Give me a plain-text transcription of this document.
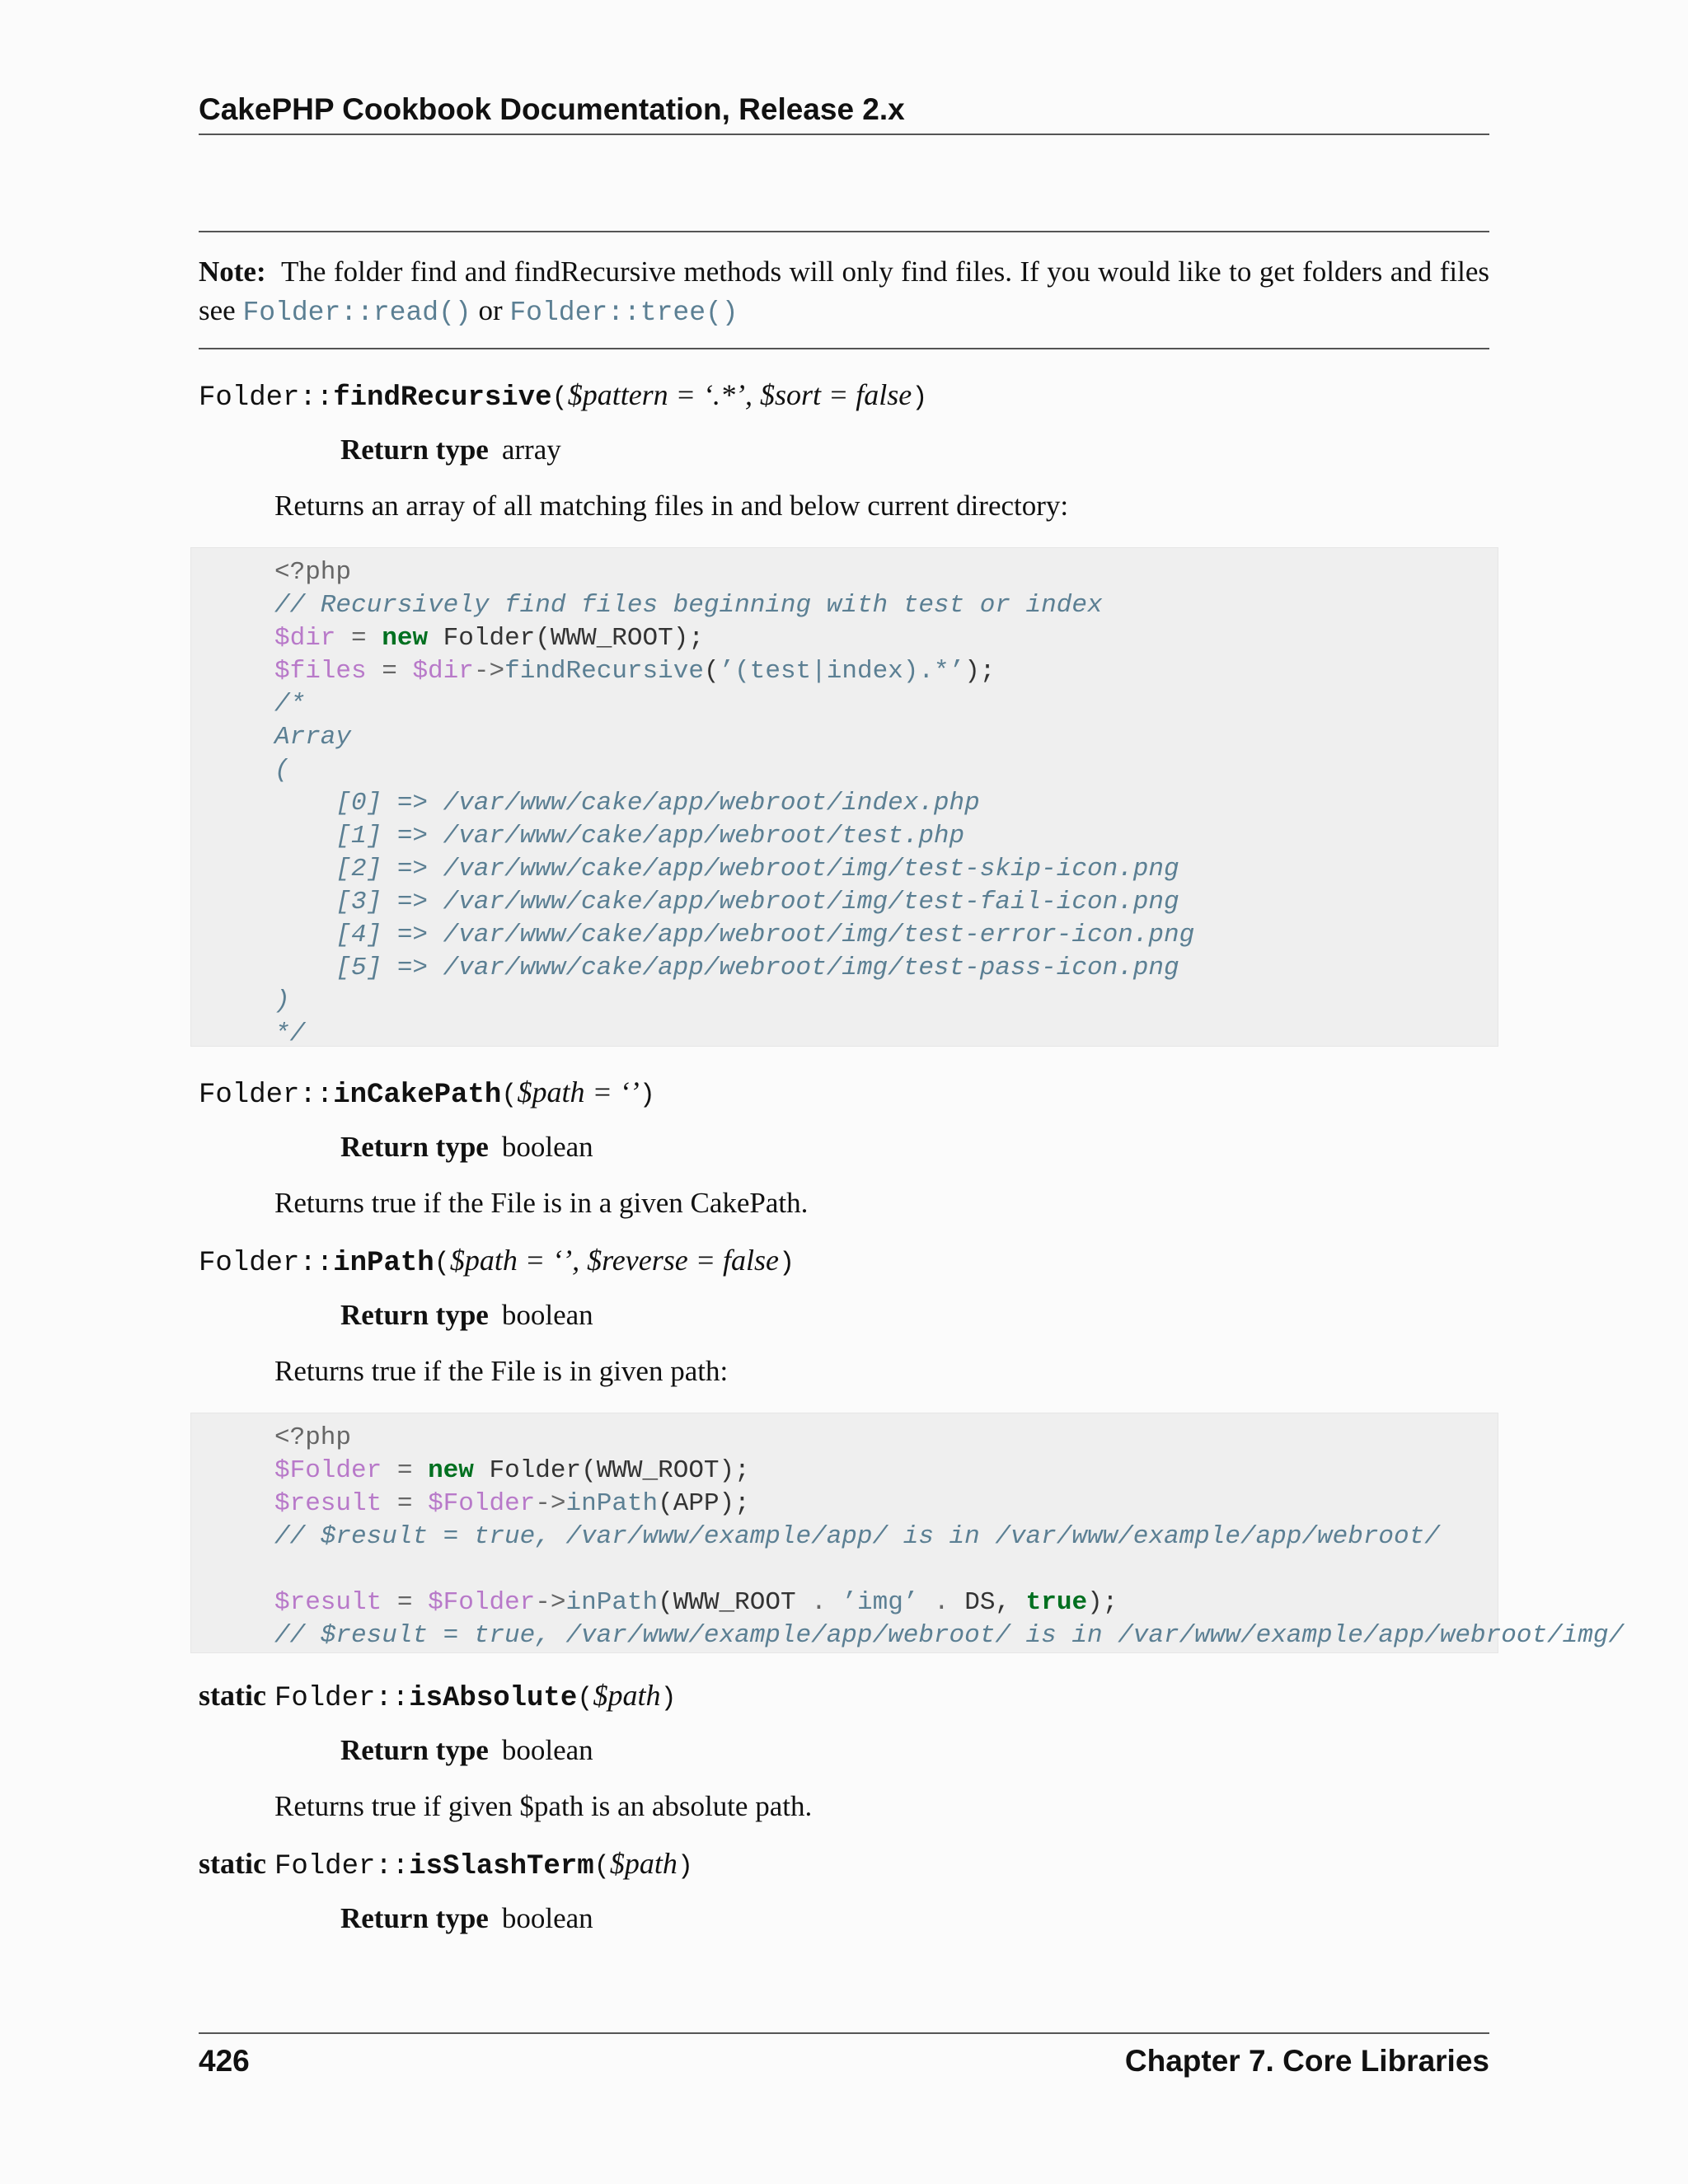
CakePHP Cookbook Documentation, Release 2.x
Note: The folder find and findRecursive methods will only find files. If you would like to get folders and files see Folder::read() or Folder::tree()
Folder::findRecursive($pattern = ‘.*’, $sort = false)
Return type array
Returns an array of all matching files in and below current directory:
<?php
// Recursively find files beginning with test or index
$dir = new Folder(WWW_ROOT);
$files = $dir->findRecursive(’(test|index).*’);
/*
Array
(
[0] => /var/www/cake/app/webroot/index.php
[1] => /var/www/cake/app/webroot/test.php
[2] => /var/www/cake/app/webroot/img/test-skip-icon.png
[3] => /var/www/cake/app/webroot/img/test-fail-icon.png
[4] => /var/www/cake/app/webroot/img/test-error-icon.png
[5] => /var/www/cake/app/webroot/img/test-pass-icon.png
)
*/
Folder::inCakePath($path = ‘’)
Return type boolean
Returns true if the File is in a given CakePath.
Folder::inPath($path = ‘’, $reverse = false)
Return type boolean
Returns true if the File is in given path:
<?php
$Folder = new Folder(WWW_ROOT);
$result = $Folder->inPath(APP);
// $result = true, /var/www/example/app/ is in /var/www/example/app/webroot/

$result = $Folder->inPath(WWW_ROOT . ’img’ . DS, true);
// $result = true, /var/www/example/app/webroot/ is in /var/www/example/app/webroot/img/
static Folder::isAbsolute($path)
Return type boolean
Returns true if given $path is an absolute path.
static Folder::isSlashTerm($path)
Return type boolean
426	Chapter 7. Core Libraries
